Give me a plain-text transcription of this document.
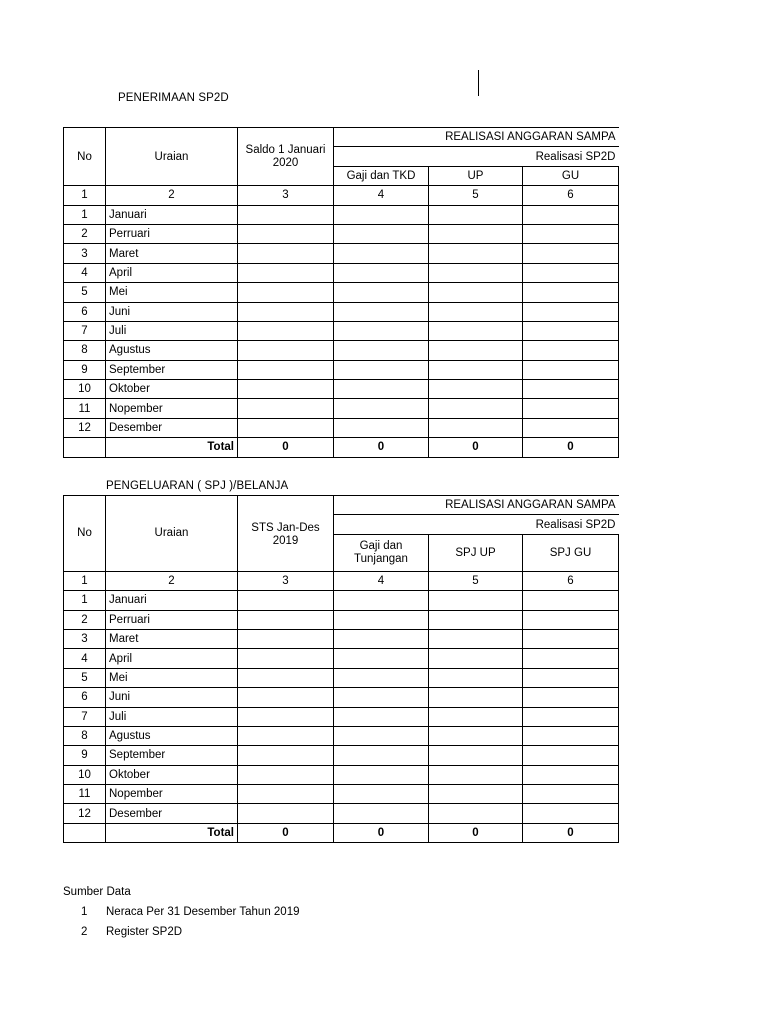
PENERIMAAN SP2D
No	Uraian	Saldo 1 Januari 2020	REALISASI ANGGARAN SAMPA		
			Realisasi SP2D		
			Gaji dan TKD	UP	GU
1	2	3	4	5	6
1	Januari				
2	Perruari				
3	Maret				
4	April				
5	Mei				
6	Juni				
7	Juli				
8	Agustus				
9	September				
10	Oktober				
11	Nopember				
12	Desember				
	Total	0	0	0	0
PENGELUARAN ( SPJ )/BELANJA
No	Uraian	STS Jan-Des 2019	REALISASI ANGGARAN SAMPA		
			Realisasi SP2D		
			Gaji dan Tunjangan	SPJ UP	SPJ GU
1	2	3	4	5	6
1	Januari				
2	Perruari				
3	Maret				
4	April				
5	Mei				
6	Juni				
7	Juli				
8	Agustus				
9	September				
10	Oktober				
11	Nopember				
12	Desember				
	Total	0	0	0	0
Sumber Data
1 Neraca Per 31 Desember Tahun 2019
2 Register SP2D
